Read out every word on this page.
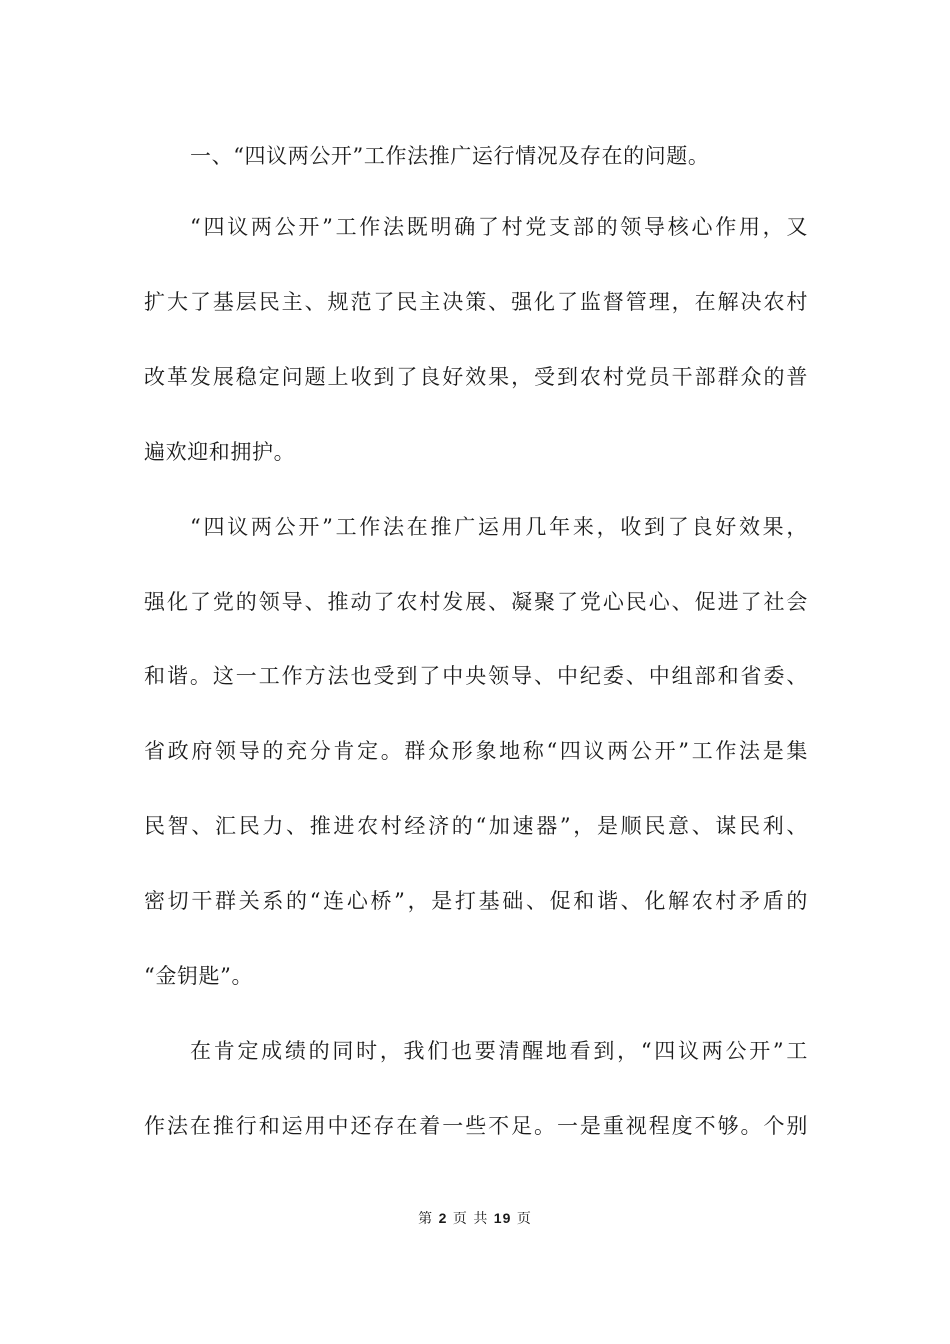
一、“四议两公开”工作法推广运行情况及存在的问题。
“四议两公开”工作法既明确了村党支部的领导核心作用，又
扩大了基层民主、规范了民主决策、强化了监督管理，在解决农村
改革发展稳定问题上收到了良好效果，受到农村党员干部群众的普
遍欢迎和拥护。
“四议两公开”工作法在推广运用几年来，收到了良好效果，
强化了党的领导、推动了农村发展、凝聚了党心民心、促进了社会
和谐。这一工作方法也受到了中央领导、中纪委、中组部和省委、
省政府领导的充分肯定。群众形象地称“四议两公开”工作法是集
民智、汇民力、推进农村经济的“加速器”，是顺民意、谋民利、
密切干群关系的“连心桥”，是打基础、促和谐、化解农村矛盾的
“金钥匙”。
在肯定成绩的同时，我们也要清醒地看到，“四议两公开”工
作法在推行和运用中还存在着一些不足。一是重视程度不够。个别
第 2 页 共 19 页
